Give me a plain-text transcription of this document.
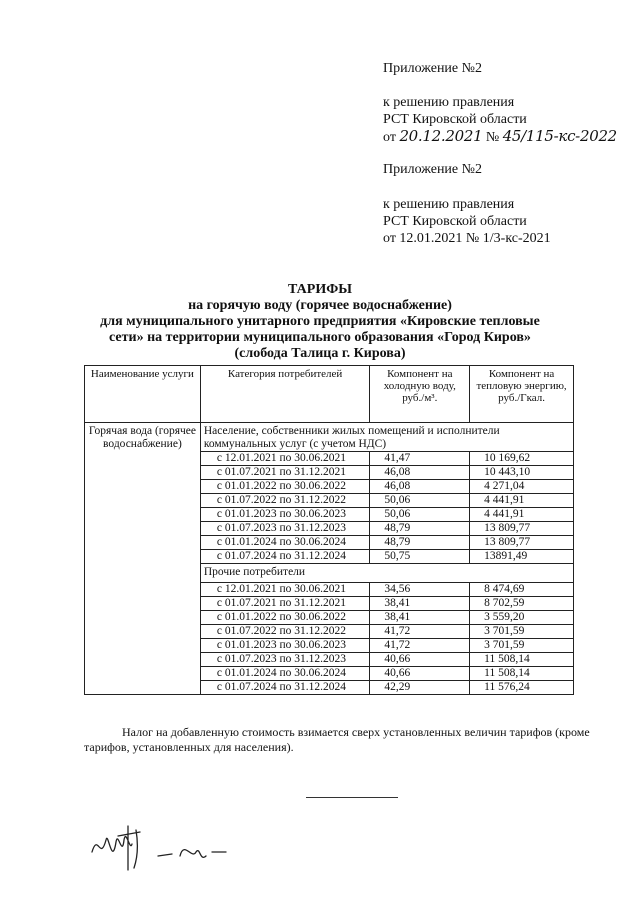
Приложение №2
к решению правления
РСТ Кировской области
от 20.12.2021 № 45/115-кс-2022
Приложение №2
к решению правления
РСТ Кировской области
от 12.01.2021 № 1/3-кс-2021
ТАРИФЫ
на горячую воду (горячее водоснабжение)
для муниципального унитарного предприятия «Кировские тепловые
сети» на территории муниципального образования «Город Киров»
(слобода Талица г. Кирова)
Наименование услуги	Категория потребителей	Компонент на холодную воду, руб./м³.	Компонент на тепловую энергию, руб./Гкал.
Горячая вода (горячее водоснабжение)	Население, собственники жилых помещений и исполнители коммунальных услуг (с учетом НДС)		
	с 12.01.2021 по 30.06.2021	41,47	10 169,62
	с 01.07.2021 по 31.12.2021	46,08	10 443,10
	с 01.01.2022 по 30.06.2022	46,08	4 271,04
	с 01.07.2022 по 31.12.2022	50,06	4 441,91
	с 01.01.2023 по 30.06.2023	50,06	4 441,91
	с 01.07.2023 по 31.12.2023	48,79	13 809,77
	с 01.01.2024 по 30.06.2024	48,79	13 809,77
	с 01.07.2024 по 31.12.2024	50,75	13891,49
	Прочие потребители		
	с 12.01.2021 по 30.06.2021	34,56	8 474,69
	с 01.07.2021 по 31.12.2021	38,41	8 702,59
	с 01.01.2022 по 30.06.2022	38,41	3 559,20
	с 01.07.2022 по 31.12.2022	41,72	3 701,59
	с 01.01.2023 по 30.06.2023	41,72	3 701,59
	с 01.07.2023 по 31.12.2023	40,66	11 508,14
	с 01.01.2024 по 30.06.2024	40,66	11 508,14
	с 01.07.2024 по 31.12.2024	42,29	11 576,24
Налог на добавленную стоимость взимается сверх установленных величин тарифов (кроме тарифов, установленных для населения).
